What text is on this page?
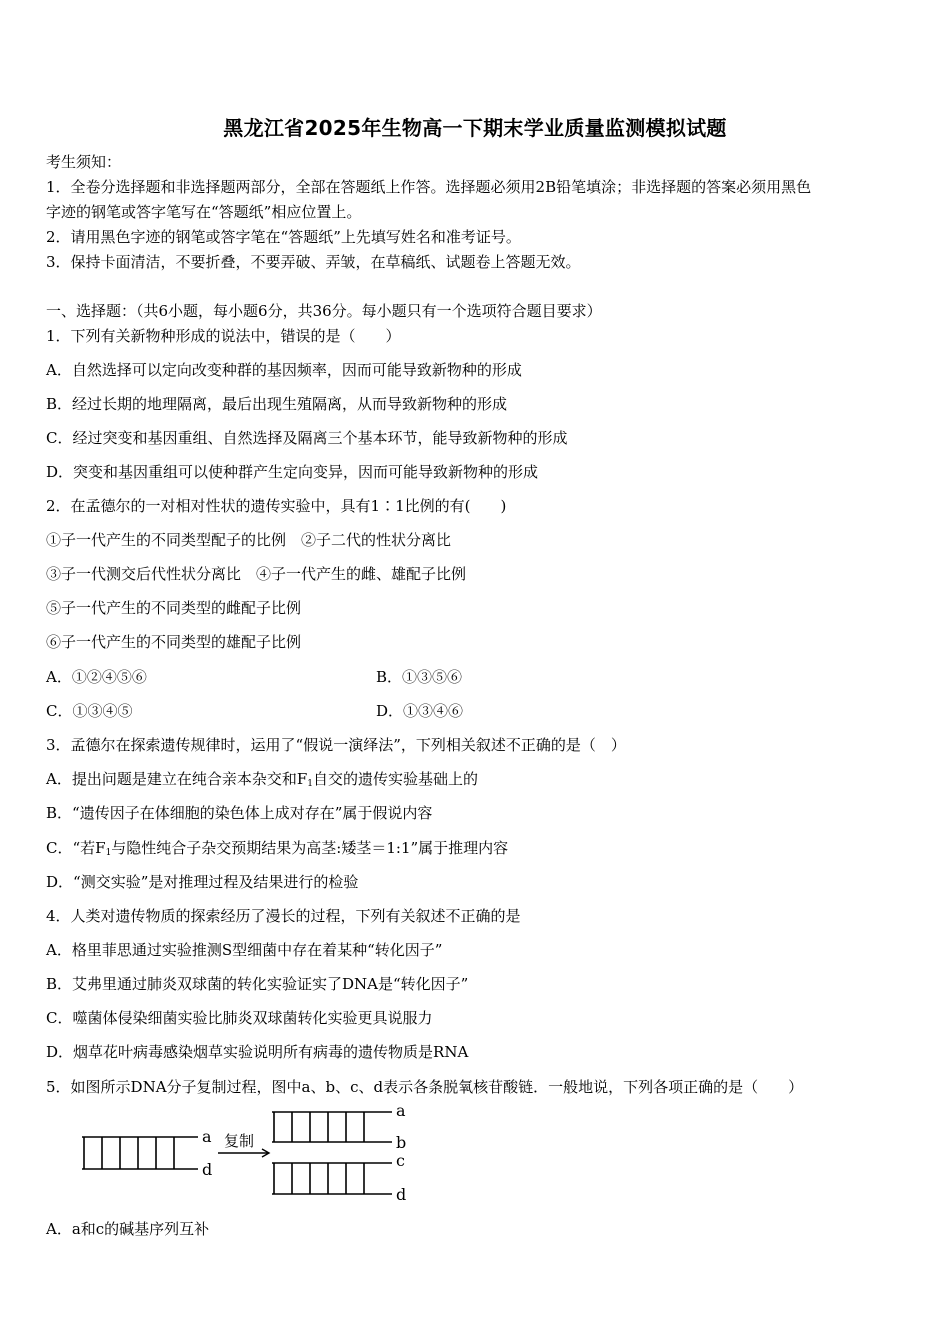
黑龙江省2025年生物高一下期末学业质量监测模拟试题
考生须知：
1．全卷分选择题和非选择题两部分，全部在答题纸上作答。选择题必须用2B铅笔填涂；非选择题的答案必须用黑色
字迹的钢笔或答字笔写在“答题纸”相应位置上。
2．请用黑色字迹的钢笔或答字笔在“答题纸”上先填写姓名和准考证号。
3．保持卡面清洁，不要折叠，不要弄破、弄皱，在草稿纸、试题卷上答题无效。
一、选择题：（共6小题，每小题6分，共36分。每小题只有一个选项符合题目要求）
1．下列有关新物种形成的说法中，错误的是（　　）
A．自然选择可以定向改变种群的基因频率，因而可能导致新物种的形成
B．经过长期的地理隔离，最后出现生殖隔离，从而导致新物种的形成
C．经过突变和基因重组、自然选择及隔离三个基本环节，能导致新物种的形成
D．突变和基因重组可以使种群产生定向变异，因而可能导致新物种的形成
2．在孟德尔的一对相对性状的遗传实验中，具有1∶1比例的有(　　)
①子一代产生的不同类型配子的比例　②子二代的性状分离比
③子一代测交后代性状分离比　④子一代产生的雌、雄配子比例
⑤子一代产生的不同类型的雌配子比例
⑥子一代产生的不同类型的雄配子比例
A．①②④⑤⑥	B．①③⑤⑥
C．①③④⑤	D．①③④⑥
3．孟德尔在探索遗传规律时，运用了“假说一演绎法”，下列相关叙述不正确的是（　）
A．提出问题是建立在纯合亲本杂交和$F_1$自交的遗传实验基础上的
B．“遗传因子在体细胞的染色体上成对存在”属于假说内容
C．“若$F_1$与隐性纯合子杂交预期结果为高茎:矮茎＝1:1”属于推理内容
D．“测交实验”是对推理过程及结果进行的检验
4．人类对遗传物质的探索经历了漫长的过程，下列有关叙述不正确的是
A．格里菲思通过实验推测S型细菌中存在着某种“转化因子”
B．艾弗里通过肺炎双球菌的转化实验证实了DNA是“转化因子”
C．噬菌体侵染细菌实验比肺炎双球菌转化实验更具说服力
D．烟草花叶病毒感染烟草实验说明所有病毒的遗传物质是RNA
5．如图所示DNA分子复制过程，图中a、b、c、d表示各条脱氧核苷酸链．一般地说，下列各项正确的是（　　）
a
d
复制
a
b
c
d
A．a和c的碱基序列互补
